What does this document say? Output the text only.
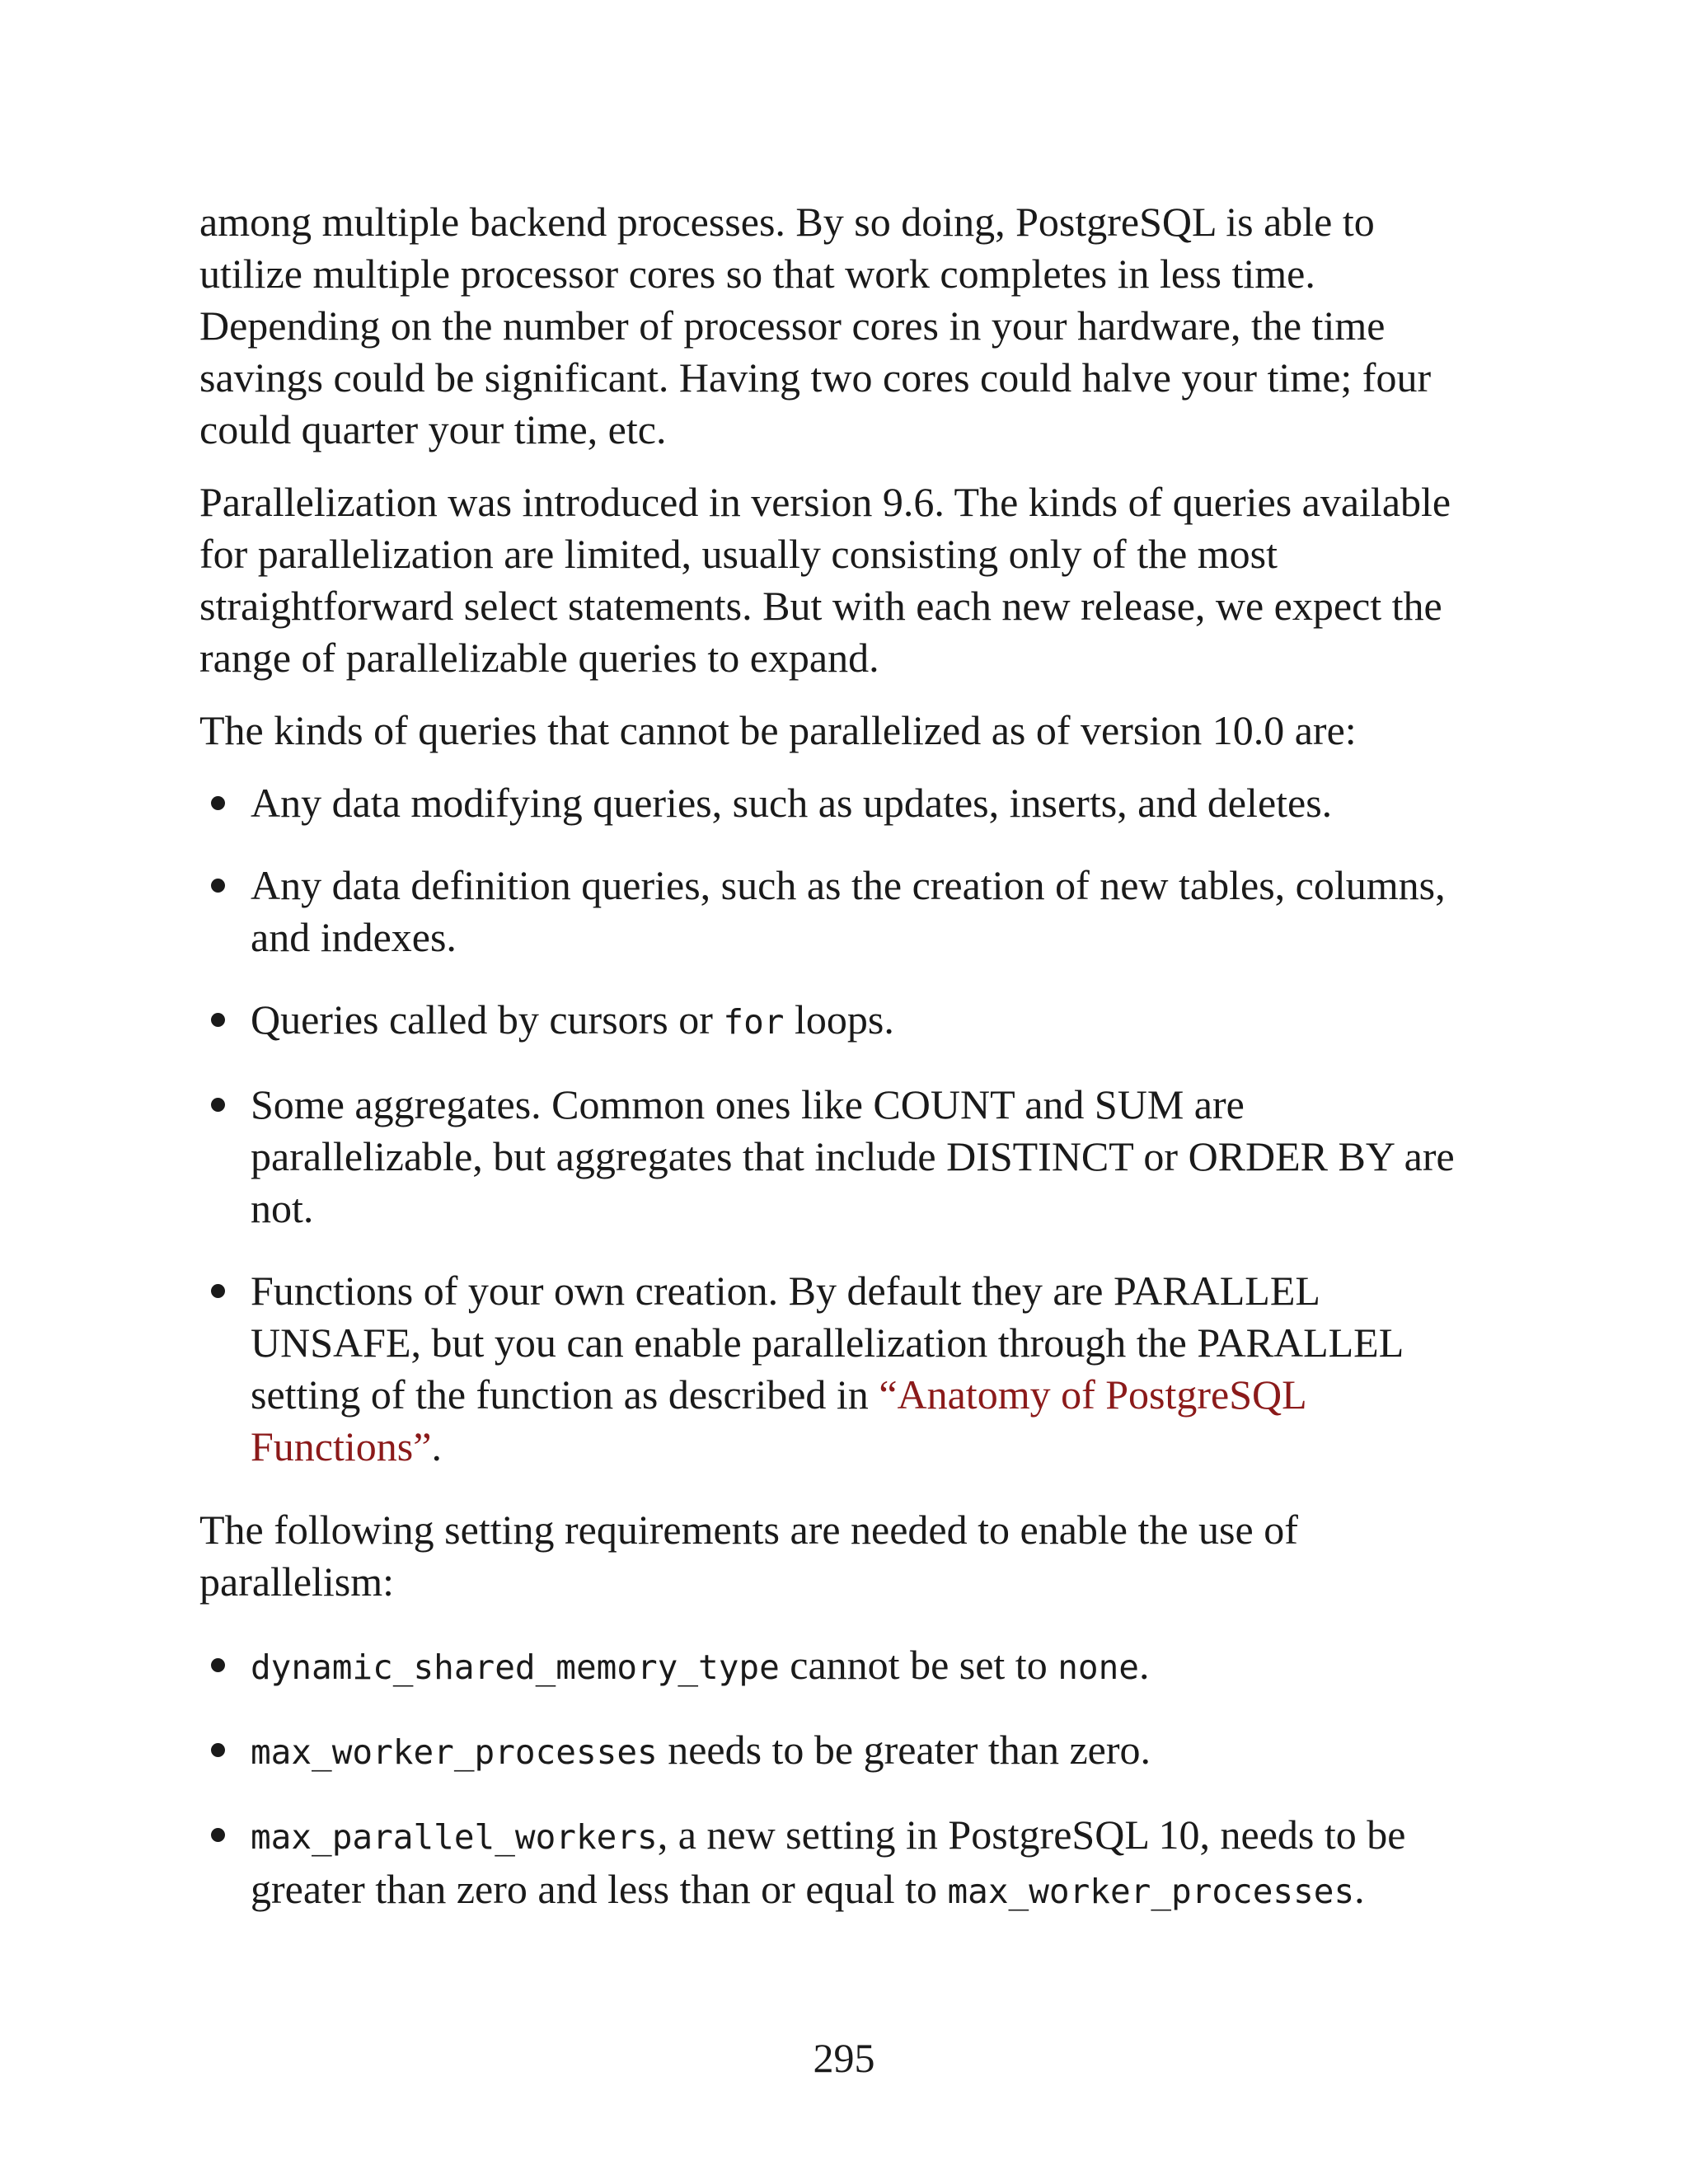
among multiple backend processes. By so doing, PostgreSQL is able to utilize multiple processor cores so that work completes in less time. Depending on the number of processor cores in your hardware, the time savings could be significant. Having two cores could halve your time; four could quarter your time, etc.

Parallelization was introduced in version 9.6. The kinds of queries available for parallelization are limited, usually consisting only of the most straightforward select statements. But with each new release, we expect the range of parallelizable queries to expand.

The kinds of queries that cannot be parallelized as of version 10.0 are:

Any data modifying queries, such as updates, inserts, and deletes.
Any data definition queries, such as the creation of new tables, columns, and indexes.
Queries called by cursors or for loops.
Some aggregates. Common ones like COUNT and SUM are parallelizable, but aggregates that include DISTINCT or ORDER BY are not.
Functions of your own creation. By default they are PARALLEL UNSAFE, but you can enable parallelization through the PARALLEL setting of the function as described in “Anatomy of PostgreSQL Functions”.

The following setting requirements are needed to enable the use of parallelism:

dynamic_shared_memory_type cannot be set to none.
max_worker_processes needs to be greater than zero.
max_parallel_workers, a new setting in PostgreSQL 10, needs to be greater than zero and less than or equal to max_worker_processes.
295
